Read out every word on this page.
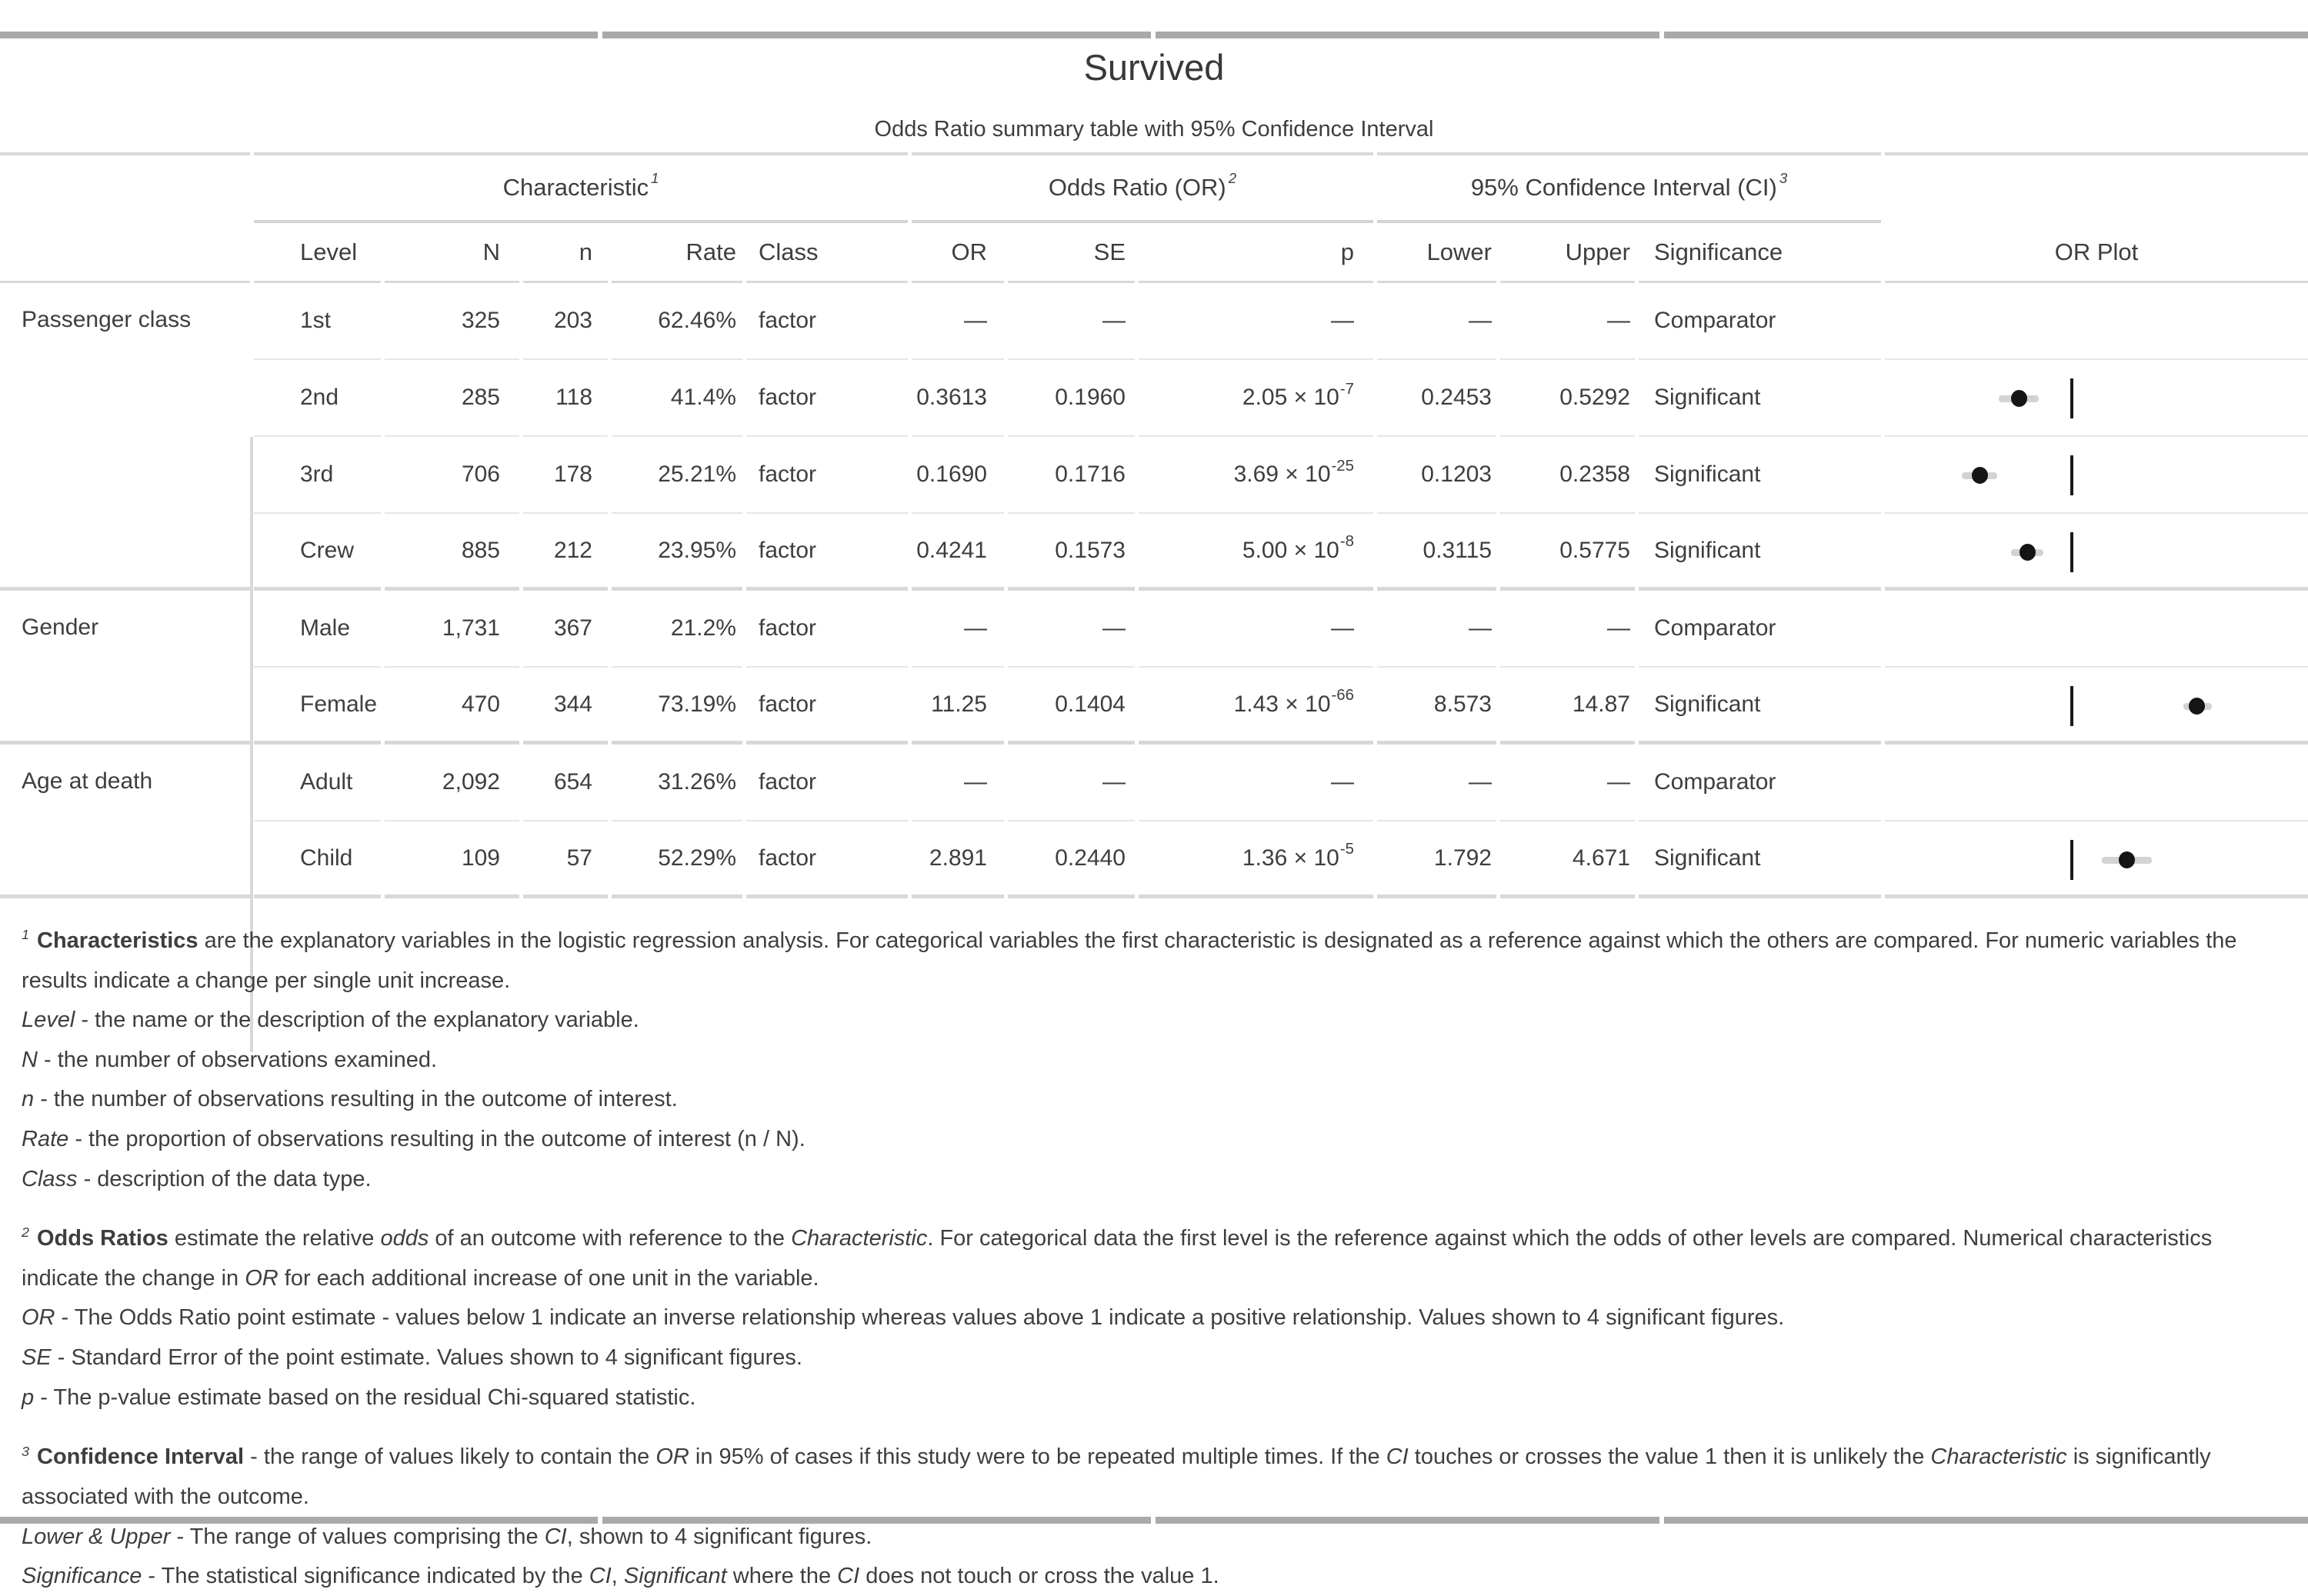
Survived
Odds Ratio summary table with 95% Confidence Interval
Characteristic 1	Odds Ratio (OR) 2	95% Confidence Interval (CI) 3
Level	N	n	Rate Class	OR	SE	p	Lower	Upper	Significance	OR Plot
Passenger class	1st	325	203	62.46% factor	—	—	—	—	—	Comparator
2nd	285	118	41.4% factor	0.3613	0.1960	2.05 × 10 -7	0.2453	0.5292	Significant
3rd	706	178	25.21% factor	0.1690	0.1716	3.69 × 10 -25	0.1203	0.2358	Significant
Crew	885	212	23.95% factor	0.4241	0.1573	5.00 × 10 -8	0.3115	0.5775	Significant
Gender	Male	1,731	367	21.2% factor	—	—	—	—	—	Comparator
Female	470	344	73.19% factor	11.25	0.1404	1.43 × 10 -66	8.573	14.87	Significant
Age at death	Adult	2,092	654	31.26% factor	—	—	—	—	—	Comparator
Child	109	57	52.29% factor	2.891	0.2440	1.36 × 10 -5	1.792	4.671	Significant
$^1$ Characteristics are the explanatory variables in the logistic regression analysis. For categorical variables the first characteristic is designated as a reference against which the others are compared. For numeric variables the results indicate a change per single unit increase.
Level - the name or the description of the explanatory variable.
N - the number of observations examined.
n - the number of observations resulting in the outcome of interest.
Rate - the proportion of observations resulting in the outcome of interest (n / N).
Class - description of the data type.
$^2$ Odds Ratios estimate the relative odds of an outcome with reference to the Characteristic. For categorical data the first level is the reference against which the odds of other levels are compared. Numerical characteristics indicate the change in OR for each additional increase of one unit in the variable.
OR - The Odds Ratio point estimate - values below 1 indicate an inverse relationship whereas values above 1 indicate a positive relationship. Values shown to 4 significant figures.
SE - Standard Error of the point estimate. Values shown to 4 significant figures.
p - The p-value estimate based on the residual Chi-squared statistic.
$^3$ Confidence Interval - the range of values likely to contain the OR in 95% of cases if this study were to be repeated multiple times. If the CI touches or crosses the value 1 then it is unlikely the Characteristic is significantly associated with the outcome.
Lower & Upper - The range of values comprising the CI, shown to 4 significant figures.
Significance - The statistical significance indicated by the CI, Significant where the CI does not touch or cross the value 1.
